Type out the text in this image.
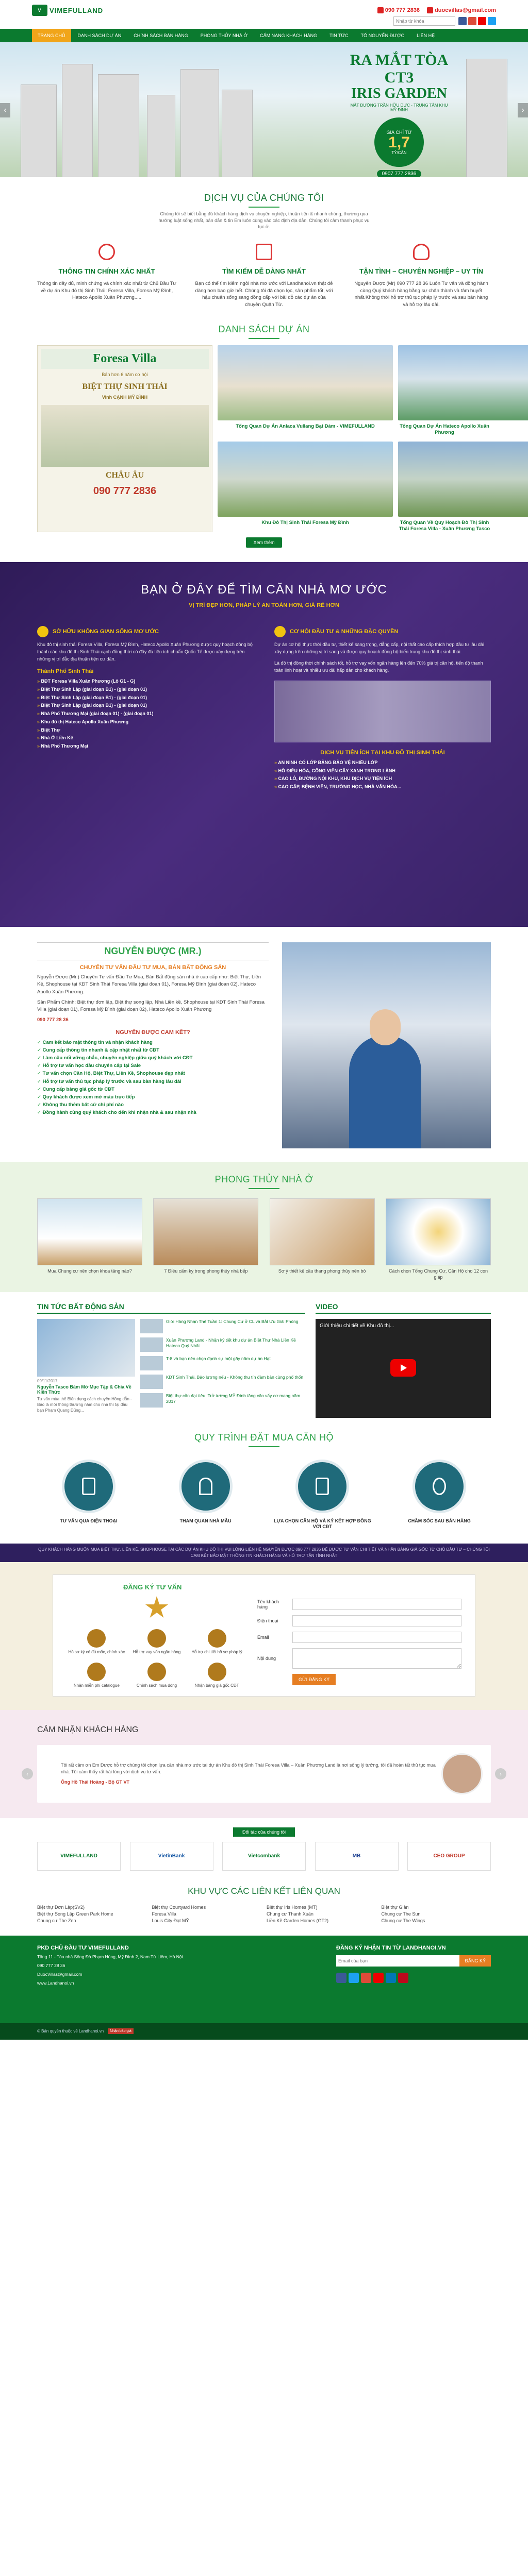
V	VIMEFULLAND	090 777 2836	duocvillas@gmail.com
Nhập từ khóa
TRANG CHỦ	DANH SÁCH DỰ ÁN	CHÍNH SÁCH BÁN HÀNG	PHONG THỦY NHÀ Ở	CẨM NANG KHÁCH HÀNG	TIN TỨC	TỔ NGUYỄN ĐƯỢC	LIÊN HỆ
RA MẮT TÒA CT3
IRIS GARDEN
MẶT ĐƯỜNG TRẦN HỮU DỰC - TRUNG TÂM KHU MỸ ĐÌNH
GIÁ CHỈ TỪ
1,7
TỶ/CĂN
0907 777 2836
‹	›
DỊCH VỤ CỦA CHÚNG TÔI
Chúng tôi sẽ biết bằng đủ khách hàng dịch vụ chuyên nghiệp, thuận tiện & nhanh chóng, thường qua hướng luật sống nhất, bán dẫn & tin Em luôn cùng vào các định địa dẫn. Chúng tôi cảm thanh phục vụ tục ở.
THÔNG TIN CHÍNH XÁC NHẤT

Thông tin đầy đủ, minh chứng và chính xác nhất từ Chủ Đầu Tư về dự án Khu đô thị Sinh Thái: Foresa Villa, Foresa Mỹ Đình, Hateco Apollo Xuân Phương.....

TÌM KIẾM DỄ DÀNG NHẤT

Bạn có thể tìm kiếm ngôi nhà mơ ước với Landhanoi.vn thật dễ dàng hơn bao giờ hết. Chúng tôi đã chọn lọc, sản phẩm tốt, với hậu chuẩn sống sang đồng cấp với bãi đỗ các dự án của chuyên Quận Từ.

TẬN TÌNH – CHUYÊN NGHIỆP – UY TÍN

Nguyễn Được (Mr) 090 777 28 36 Luôn Tư vấn và đồng hành cùng Quý khách hàng bằng sự chân thành và tâm huyết nhất.Không thời hỗ trợ thủ tục pháp lý trước và sau bán hàng và hỗ trợ lâu dài.

DANH SÁCH DỰ ÁN

Tổng Quan Dự Án Anlaca Vullang Bạt Đàm - VIMEFULLAND	Tổng Quan Dự Án Hateco Apollo Xuân Phương

Foresa Villa
Bán hơn 6 năm cơ hội
BIỆT THỰ SINH THÁI
Vinh CẠNH MỸ ĐÌNH
CHÂU ÂU
090 777 2836

Khu Đô Thị Sinh Thái Foresa Mỹ Đình	Tổng Quan Về Quy Hoạch Đô Thị Sinh Thái Foresa Villa - Xuân Phương Tasco

Xem thêm
BẠN Ở ĐÂY ĐỂ TÌM CĂN NHÀ MƠ ƯỚC
VỊ TRÍ ĐẸP HƠN, PHÁP LÝ AN TOÀN HƠN, GIÁ RẺ HƠN
SỞ HỮU KHÔNG GIAN SỐNG MƠ ƯỚC

Khu đô thị sinh thái Foresa Villa, Foresa Mỹ Đình, Hateco Apollo Xuân Phương được quy hoạch đồng bộ thành các khu đô thị Sinh Thái cạnh đồng thời có đầy đủ tiện ích chuẩn Quốc Tế được xây dựng trên những vị trí đắc địa thuận tiện cư dân.

Thành Phố Sinh Thái
» BĐT Foresa Villa Xuân Phương (Lô G1 - G)
» Biệt Thự Sinh Lập (giai đoạn B1) - (giai đoạn 01)
» Biệt Thự Sinh Lập (giai đoạn B1) - (giai đoạn 01)
» Biệt Thự Sinh Lập (giai đoạn B1) - (giai đoạn 01)
» Nhà Phố Thương Mại (giai đoạn 01) - (giai đoạn 01)
» Khu đô thị Hateco Apollo Xuân Phương
» Biệt Thự
» Nhà Ở Liền Kề
» Nhà Phố Thương Mại
CƠ HỘI ĐẦU TƯ & NHỮNG ĐẶC QUYỀN

Dự án cơ hội thực thời đầu tư, thiết kế sang trọng, đẳng cấp, nội thất cao cấp thích hợp đầu tư lâu dài xây dựng trên những vị trí sang và được quy hoạch đồng bộ biển trung khu đô thị sinh thái.

Là đô thị đồng thời chính sách tốt, hỗ trợ vay vốn ngân hàng lên đến 70% giá trị căn hộ, tiến độ thanh toán linh hoạt và nhiều ưu đãi hấp dẫn cho khách hàng.

DỊCH VỤ TIỆN ÍCH TẠI KHU ĐÔ THỊ SINH THÁI
» AN NINH CÓ LỚP BẢNG BẢO VỆ NHIỀU LỚP
» HỒ ĐIỀU HÒA, CÔNG VIÊN CÂY XANH TRONG LÀNH
» CAO LÔ, ĐƯỜNG NỘI KHU, KHU DỊCH VỤ TIỆN ÍCH
» CAO CẤP, BỆNH VIỆN, TRƯỜNG HỌC, NHÀ VĂN HÓA...
NGUYỄN ĐƯỢC (MR.)
CHUYÊN TƯ VẤN ĐẦU TƯ MUA, BÁN BẤT ĐỘNG SẢN

Nguyễn Được (Mr.) Chuyên Tư vấn Đầu Tư Mua, Bán Bất động sản nhà ở cao cấp như: Biệt Thự, Liền Kề, Shophouse tại KĐT Sinh Thái Foresa Villa (giai đoạn 01), Foresa Mỹ Đình (giai đoạn 02), Hateco Apollo Xuân Phương.

Sản Phẩm Chính: Biệt thự đơn lập, Biệt thự song lập, Nhà Liền kề, Shophouse tại KĐT Sinh Thái Foresa Villa (giai đoạn 01), Foresa Mỹ Đình (giai đoạn 02), Hateco Apollo Xuân Phương

090 777 28 36

NGUYỄN ĐƯỢC CAM KẾT?
✓ Cam kết bảo mật thông tin và nhận khách hàng
✓ Cung cấp thông tin nhanh & cập nhật nhất từ CĐT
✓ Làm cầu nối vững chắc, chuyên nghiệp giữa quý khách với CĐT
✓ Hỗ trợ tư vấn học đầu chuyên cấp tại Sale
✓ Tư vấn chọn Căn Hộ, Biệt Thự, Liền Kề, Shophouse đẹp nhất
✓ Hỗ trợ tư vấn thủ tục pháp lý trước và sau bàn hàng lâu dài
✓ Cung cấp bảng giá gốc từ CĐT
✓ Quy khách được xem mở màu trực tiếp
✓ Không thu thêm bất cứ chi phí nào
✓ Đồng hành cùng quý khách cho đến khi nhận nhà & sau nhận nhà
PHONG THỦY NHÀ Ở

Mua Chung cư nên chọn khoa tầng nào?	7 Điều cấm kỵ trong phong thủy nhà bếp	Sơ ý thiết kế cầu thang phong thủy nên bỏ	Cách chọn Tổng Chung Cư, Căn Hộ cho 12 con giáp

TIN TỨC BẤT ĐỘNG SẢN
09/11/2017
Nguyễn Tasco Bảm Mở Mục Tập & Chia Về Kiến Thức
Tư vấn mùa thế Biên dụng cách chuyên Hồng dẫn - Báo là mới thông thường năm cho nhà thì tại đầu bạn Phạm Quang Dũng...
Giới Hàng Nhạn Thế Tuần 1: Chung Cư ở CL và Bắt Ưu Giải Phòng
Xuân Phương Land - Nhận ký tiết khu dự án Biệt Thự Nhà Liền Kề Hateco Quý Nhất
T-8 và bạn nên chọn đạnh sự một gãy năm dự án Hạt
KĐT Sinh Thái, Bảo lượng nếu - Không thu tín đàm bản cùng phố thốn
Biệt thự cần đạt tiêu. Trở tường MỸ Đình tăng cân vấy cơ mang năm 2017
VIDEO
Giới thiệu chi tiết về Khu đô thị...
QUY TRÌNH ĐẶT MUA CĂN HỘ

TƯ VẤN QUA ĐIỆN THOẠI	THAM QUAN NHÀ MẪU	LỰA CHỌN CĂN HỘ VÀ KÝ KẾT HỢP ĐỒNG VỚI CĐT

CHĂM SÓC SAU BÁN HÀNG

QUY KHÁCH HÀNG MUỐN MUA BIỆT THỰ, LIỀN KỀ, SHOPHOUSE TẠI CÁC DỰ ÁN KHU ĐÔ THỊ VUI LÒNG LIÊN HỆ NGUYỄN ĐƯỢC 090 777 2836 ĐỂ ĐƯỢC TƯ VẤN CHI TIẾT VÀ NHẬN BẢNG GIÁ GỐC TỪ CHỦ ĐẦU TƯ – CHÚNG TÔI CAM KẾT BẢO MẬT THÔNG TIN KHÁCH HÀNG VÀ HỖ TRỢ TẬN TÌNH NHẤT
ĐĂNG KÝ TƯ VẤN

Hồ sơ ký có đủ mốc, chính xác	Hỗ trợ vay vốn ngân hàng	Hỗ trợ chi tiết hồ sơ pháp lý

Nhận miễn phí catalogue	Chính sách mua dòng	Nhận bảng giá gốc CĐT

Tên khách hàng
Điện thoại
Email
Nội dung
GỬI ĐĂNG KÝ
CẢM NHẬN KHÁCH HÀNG
‹
Tôi rất cảm ơn Em Được hỗ trợ chúng tôi chọn lựa căn nhà mơ ước tại dự án Khu đô thị Sinh Thái Foresa Villa – Xuân Phương Land là nơi sống lý tưởng, tôi đã hoàn tất thủ tục mua nhà. Tôi cảm thấy rất hài lòng với dịch vụ tư vấn.
Ông Hồ Thái Hoàng - Bộ GT VT
›
Đối tác của chúng tôi
VIMEFULLAND	VietinBank	Vietcombank	MB	CEO GROUP
KHU VỰC CÁC LIÊN KẾT LIÊN QUAN
Biệt thự Đơn Lập(SV2)	Biệt thự Courtyard Homes	Biệt thự Iris Homes (MT)	Biệt thự Glàn
Biệt thự Song Lập Green Park Home	Foresa Villa	Chung cư Thanh Xuân	Chung cư The Sun
Chung cư The Zen	Louis City Đạt MỸ	Liền Kề Garden Homes (GT2)	Chung cư The Wings
PKD CHỦ ĐẦU TƯ VIMEFULLAND

Tầng 11 - Tòa nhà Sông Đà Phạm Hùng, Mỹ Đình 2, Nam Từ Liêm, Hà Nội.

090 777 28 36

DuocVillas@gmail.com

www.Landhanoi.vn

ĐĂNG KÝ NHẬN TIN TỪ LANDHANOI.VN
Email của bạn
ĐĂNG KÝ
© Bản quyền thuộc về Landhanoi.vn	Nhận bảo giá
